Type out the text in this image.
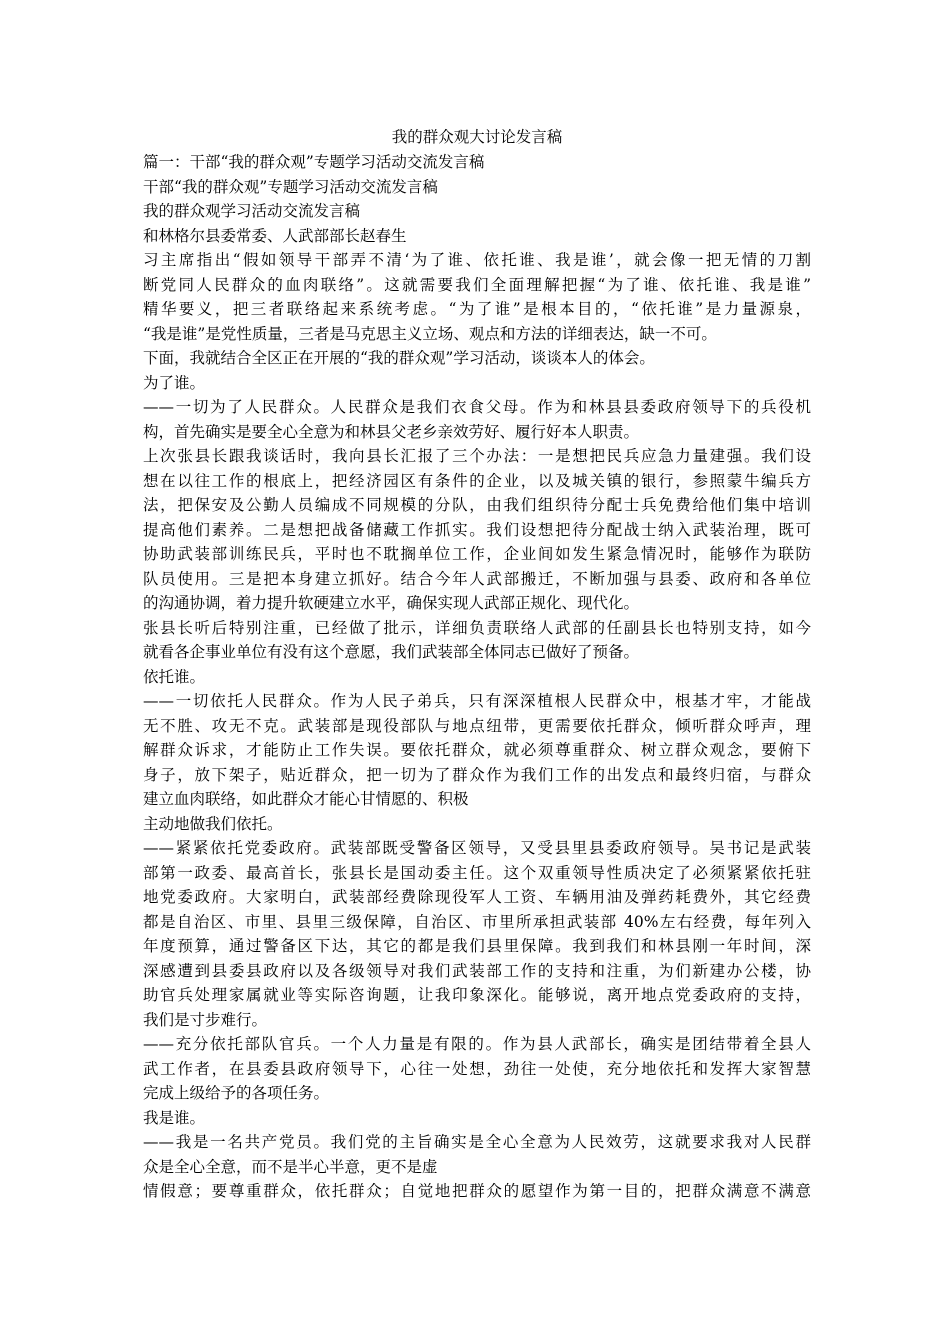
我的群众观大讨论发言稿
篇一：干部“我的群众观”专题学习活动交流发言稿
干部“我的群众观”专题学习活动交流发言稿
我的群众观学习活动交流发言稿
和林格尔县委常委、人武部部长赵春生
习主席指出“假如领导干部弄不清‘为了谁、依托谁、我是谁’，就会像一把无情的刀割
断党同人民群众的血肉联络”。这就需要我们全面理解把握“为了谁、依托谁、我是谁”
精华要义，把三者联络起来系统考虑。“为了谁”是根本目的，“依托谁”是力量源泉，
“我是谁”是党性质量，三者是马克思主义立场、观点和方法的详细表达，缺一不可。
下面，我就结合全区正在开展的“我的群众观”学习活动，谈谈本人的体会。
为了谁。
——一切为了人民群众。人民群众是我们衣食父母。作为和林县县委政府领导下的兵役机
构，首先确实是要全心全意为和林县父老乡亲效劳好、履行好本人职责。
上次张县长跟我谈话时，我向县长汇报了三个办法：一是想把民兵应急力量建强。我们设
想在以往工作的根底上，把经济园区有条件的企业，以及城关镇的银行，参照蒙牛编兵方
法，把保安及公勤人员编成不同规模的分队，由我们组织待分配士兵免费给他们集中培训
提高他们素养。二是想把战备储藏工作抓实。我们设想把待分配战士纳入武装治理，既可
协助武装部训练民兵，平时也不耽搁单位工作，企业间如发生紧急情况时，能够作为联防
队员使用。三是把本身建立抓好。结合今年人武部搬迁，不断加强与县委、政府和各单位
的沟通协调，着力提升软硬建立水平，确保实现人武部正规化、现代化。
张县长听后特别注重，已经做了批示，详细负责联络人武部的任副县长也特别支持，如今
就看各企事业单位有没有这个意愿，我们武装部全体同志已做好了预备。
依托谁。
——一切依托人民群众。作为人民子弟兵，只有深深植根人民群众中，根基才牢，才能战
无不胜、攻无不克。武装部是现役部队与地点纽带，更需要依托群众，倾听群众呼声，理
解群众诉求，才能防止工作失误。要依托群众，就必须尊重群众、树立群众观念，要俯下
身子，放下架子，贴近群众，把一切为了群众作为我们工作的出发点和最终归宿，与群众
建立血肉联络，如此群众才能心甘情愿的、积极
主动地做我们依托。
——紧紧依托党委政府。武装部既受警备区领导，又受县里县委政府领导。吴书记是武装
部第一政委、最高首长，张县长是国动委主任。这个双重领导性质决定了必须紧紧依托驻
地党委政府。大家明白，武装部经费除现役军人工资、车辆用油及弹药耗费外，其它经费
都是自治区、市里、县里三级保障，自治区、市里所承担武装部 40%左右经费，每年列入
年度预算，通过警备区下达，其它的都是我们县里保障。我到我们和林县刚一年时间，深
深感遭到县委县政府以及各级领导对我们武装部工作的支持和注重，为们新建办公楼，协
助官兵处理家属就业等实际咨询题，让我印象深化。能够说，离开地点党委政府的支持，
我们是寸步难行。
——充分依托部队官兵。一个人力量是有限的。作为县人武部长，确实是团结带着全县人
武工作者，在县委县政府领导下，心往一处想，劲往一处使，充分地依托和发挥大家智慧
完成上级给予的各项任务。
我是谁。
——我是一名共产党员。我们党的主旨确实是全心全意为人民效劳，这就要求我对人民群
众是全心全意，而不是半心半意，更不是虚
情假意；要尊重群众，依托群众；自觉地把群众的愿望作为第一目的，把群众满意不满意
